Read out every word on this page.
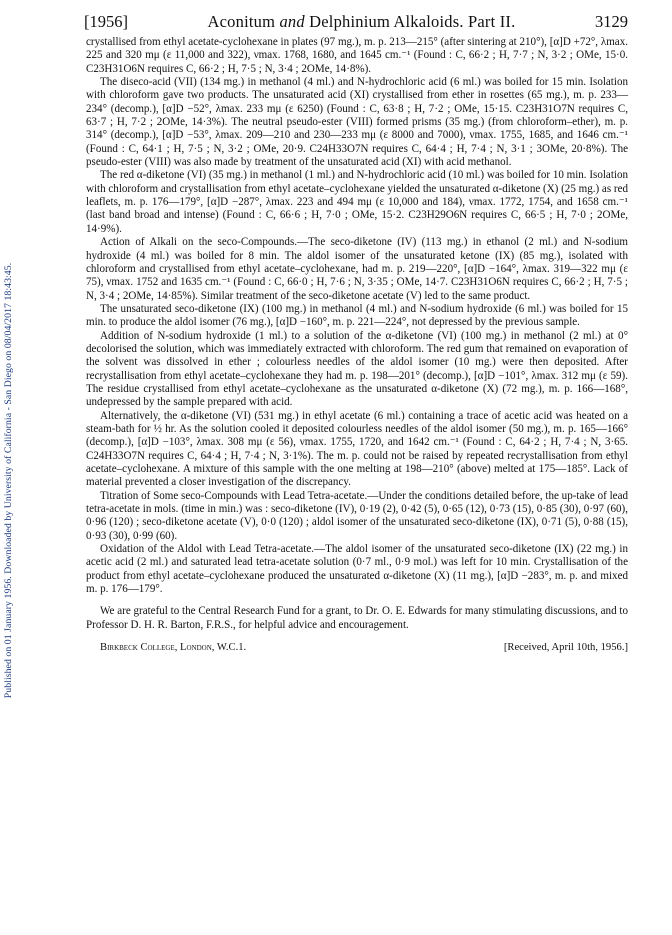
Published on 01 January 1956. Downloaded by University of California - San Diego on 08/04/2017 18:43:45.
[1956]	Aconitum and Delphinium Alkaloids. Part II.	3129

crystallised from ethyl acetate-cyclohexane in plates (97 mg.), m. p. 213—215° (after sintering at 210°), [α]D +72°, λmax. 225 and 320 mμ (ε 11,000 and 322), νmax. 1768, 1680, and 1645 cm.⁻¹ (Found : C, 66·2 ; H, 7·7 ; N, 3·2 ; OMe, 15·0. C23H31O6N requires C, 66·2 ; H, 7·5 ; N, 3·4 ; 2OMe, 14·8%).

The diseco-acid (VII) (134 mg.) in methanol (4 ml.) and N-hydrochloric acid (6 ml.) was boiled for 15 min. Isolation with chloroform gave two products. The unsaturated acid (XI) crystallised from ether in rosettes (65 mg.), m. p. 233—234° (decomp.), [α]D −52°, λmax. 233 mμ (ε 6250) (Found : C, 63·8 ; H, 7·2 ; OMe, 15·15. C23H31O7N requires C, 63·7 ; H, 7·2 ; 2OMe, 14·3%). The neutral pseudo-ester (VIII) formed prisms (35 mg.) (from chloroform–ether), m. p. 314° (decomp.), [α]D −53°, λmax. 209—210 and 230—233 mμ (ε 8000 and 7000), νmax. 1755, 1685, and 1646 cm.⁻¹ (Found : C, 64·1 ; H, 7·5 ; N, 3·2 ; OMe, 20·9. C24H33O7N requires C, 64·4 ; H, 7·4 ; N, 3·1 ; 3OMe, 20·8%). The pseudo-ester (VIII) was also made by treatment of the unsaturated acid (XI) with acid methanol.

The red α-diketone (VI) (35 mg.) in methanol (1 ml.) and N-hydrochloric acid (10 ml.) was boiled for 10 min. Isolation with chloroform and crystallisation from ethyl acetate–cyclohexane yielded the unsaturated α-diketone (X) (25 mg.) as red leaflets, m. p. 176—179°, [α]D −287°, λmax. 223 and 494 mμ (ε 10,000 and 184), νmax. 1772, 1754, and 1658 cm.⁻¹ (last band broad and intense) (Found : C, 66·6 ; H, 7·0 ; OMe, 15·2. C23H29O6N requires C, 66·5 ; H, 7·0 ; 2OMe, 14·9%).

Action of Alkali on the seco-Compounds.—The seco-diketone (IV) (113 mg.) in ethanol (2 ml.) and N-sodium hydroxide (4 ml.) was boiled for 8 min. The aldol isomer of the unsaturated ketone (IX) (85 mg.), isolated with chloroform and crystallised from ethyl acetate–cyclohexane, had m. p. 219—220°, [α]D −164°, λmax. 319—322 mμ (ε 75), νmax. 1752 and 1635 cm.⁻¹ (Found : C, 66·0 ; H, 7·6 ; N, 3·35 ; OMe, 14·7. C23H31O6N requires C, 66·2 ; H, 7·5 ; N, 3·4 ; 2OMe, 14·85%). Similar treatment of the seco-diketone acetate (V) led to the same product.

The unsaturated seco-diketone (IX) (100 mg.) in methanol (4 ml.) and N-sodium hydroxide (6 ml.) was boiled for 15 min. to produce the aldol isomer (76 mg.), [α]D −160°, m. p. 221—224°, not depressed by the previous sample.

Addition of N-sodium hydroxide (1 ml.) to a solution of the α-diketone (VI) (100 mg.) in methanol (2 ml.) at 0° decolorised the solution, which was immediately extracted with chloroform. The red gum that remained on evaporation of the solvent was dissolved in ether ; colourless needles of the aldol isomer (10 mg.) were then deposited. After recrystallisation from ethyl acetate–cyclohexane they had m. p. 198—201° (decomp.), [α]D −101°, λmax. 312 mμ (ε 59). The residue crystallised from ethyl acetate–cyclohexane as the unsaturated α-diketone (X) (72 mg.), m. p. 166—168°, undepressed by the sample prepared with acid.

Alternatively, the α-diketone (VI) (531 mg.) in ethyl acetate (6 ml.) containing a trace of acetic acid was heated on a steam-bath for ½ hr. As the solution cooled it deposited colourless needles of the aldol isomer (50 mg.), m. p. 165—166° (decomp.), [α]D −103°, λmax. 308 mμ (ε 56), νmax. 1755, 1720, and 1642 cm.⁻¹ (Found : C, 64·2 ; H, 7·4 ; N, 3·65. C24H33O7N requires C, 64·4 ; H, 7·4 ; N, 3·1%). The m. p. could not be raised by repeated recrystallisation from ethyl acetate–cyclohexane. A mixture of this sample with the one melting at 198—210° (above) melted at 175—185°. Lack of material prevented a closer investigation of the discrepancy.

Titration of Some seco-Compounds with Lead Tetra-acetate.—Under the conditions detailed before, the up-take of lead tetra-acetate in mols. (time in min.) was : seco-diketone (IV), 0·19 (2), 0·42 (5), 0·65 (12), 0·73 (15), 0·85 (30), 0·97 (60), 0·96 (120) ; seco-diketone acetate (V), 0·0 (120) ; aldol isomer of the unsaturated seco-diketone (IX), 0·71 (5), 0·88 (15), 0·93 (30), 0·99 (60).

Oxidation of the Aldol with Lead Tetra-acetate.—The aldol isomer of the unsaturated seco-diketone (IX) (22 mg.) in acetic acid (2 ml.) and saturated lead tetra-acetate solution (0·7 ml., 0·9 mol.) was left for 10 min. Crystallisation of the product from ethyl acetate–cyclohexane produced the unsaturated α-diketone (X) (11 mg.), [α]D −283°, m. p. and mixed m. p. 176—179°.

We are grateful to the Central Research Fund for a grant, to Dr. O. E. Edwards for many stimulating discussions, and to Professor D. H. R. Barton, F.R.S., for helpful advice and encouragement.

Birkbeck College, London, W.C.1.	[Received, April 10th, 1956.]
